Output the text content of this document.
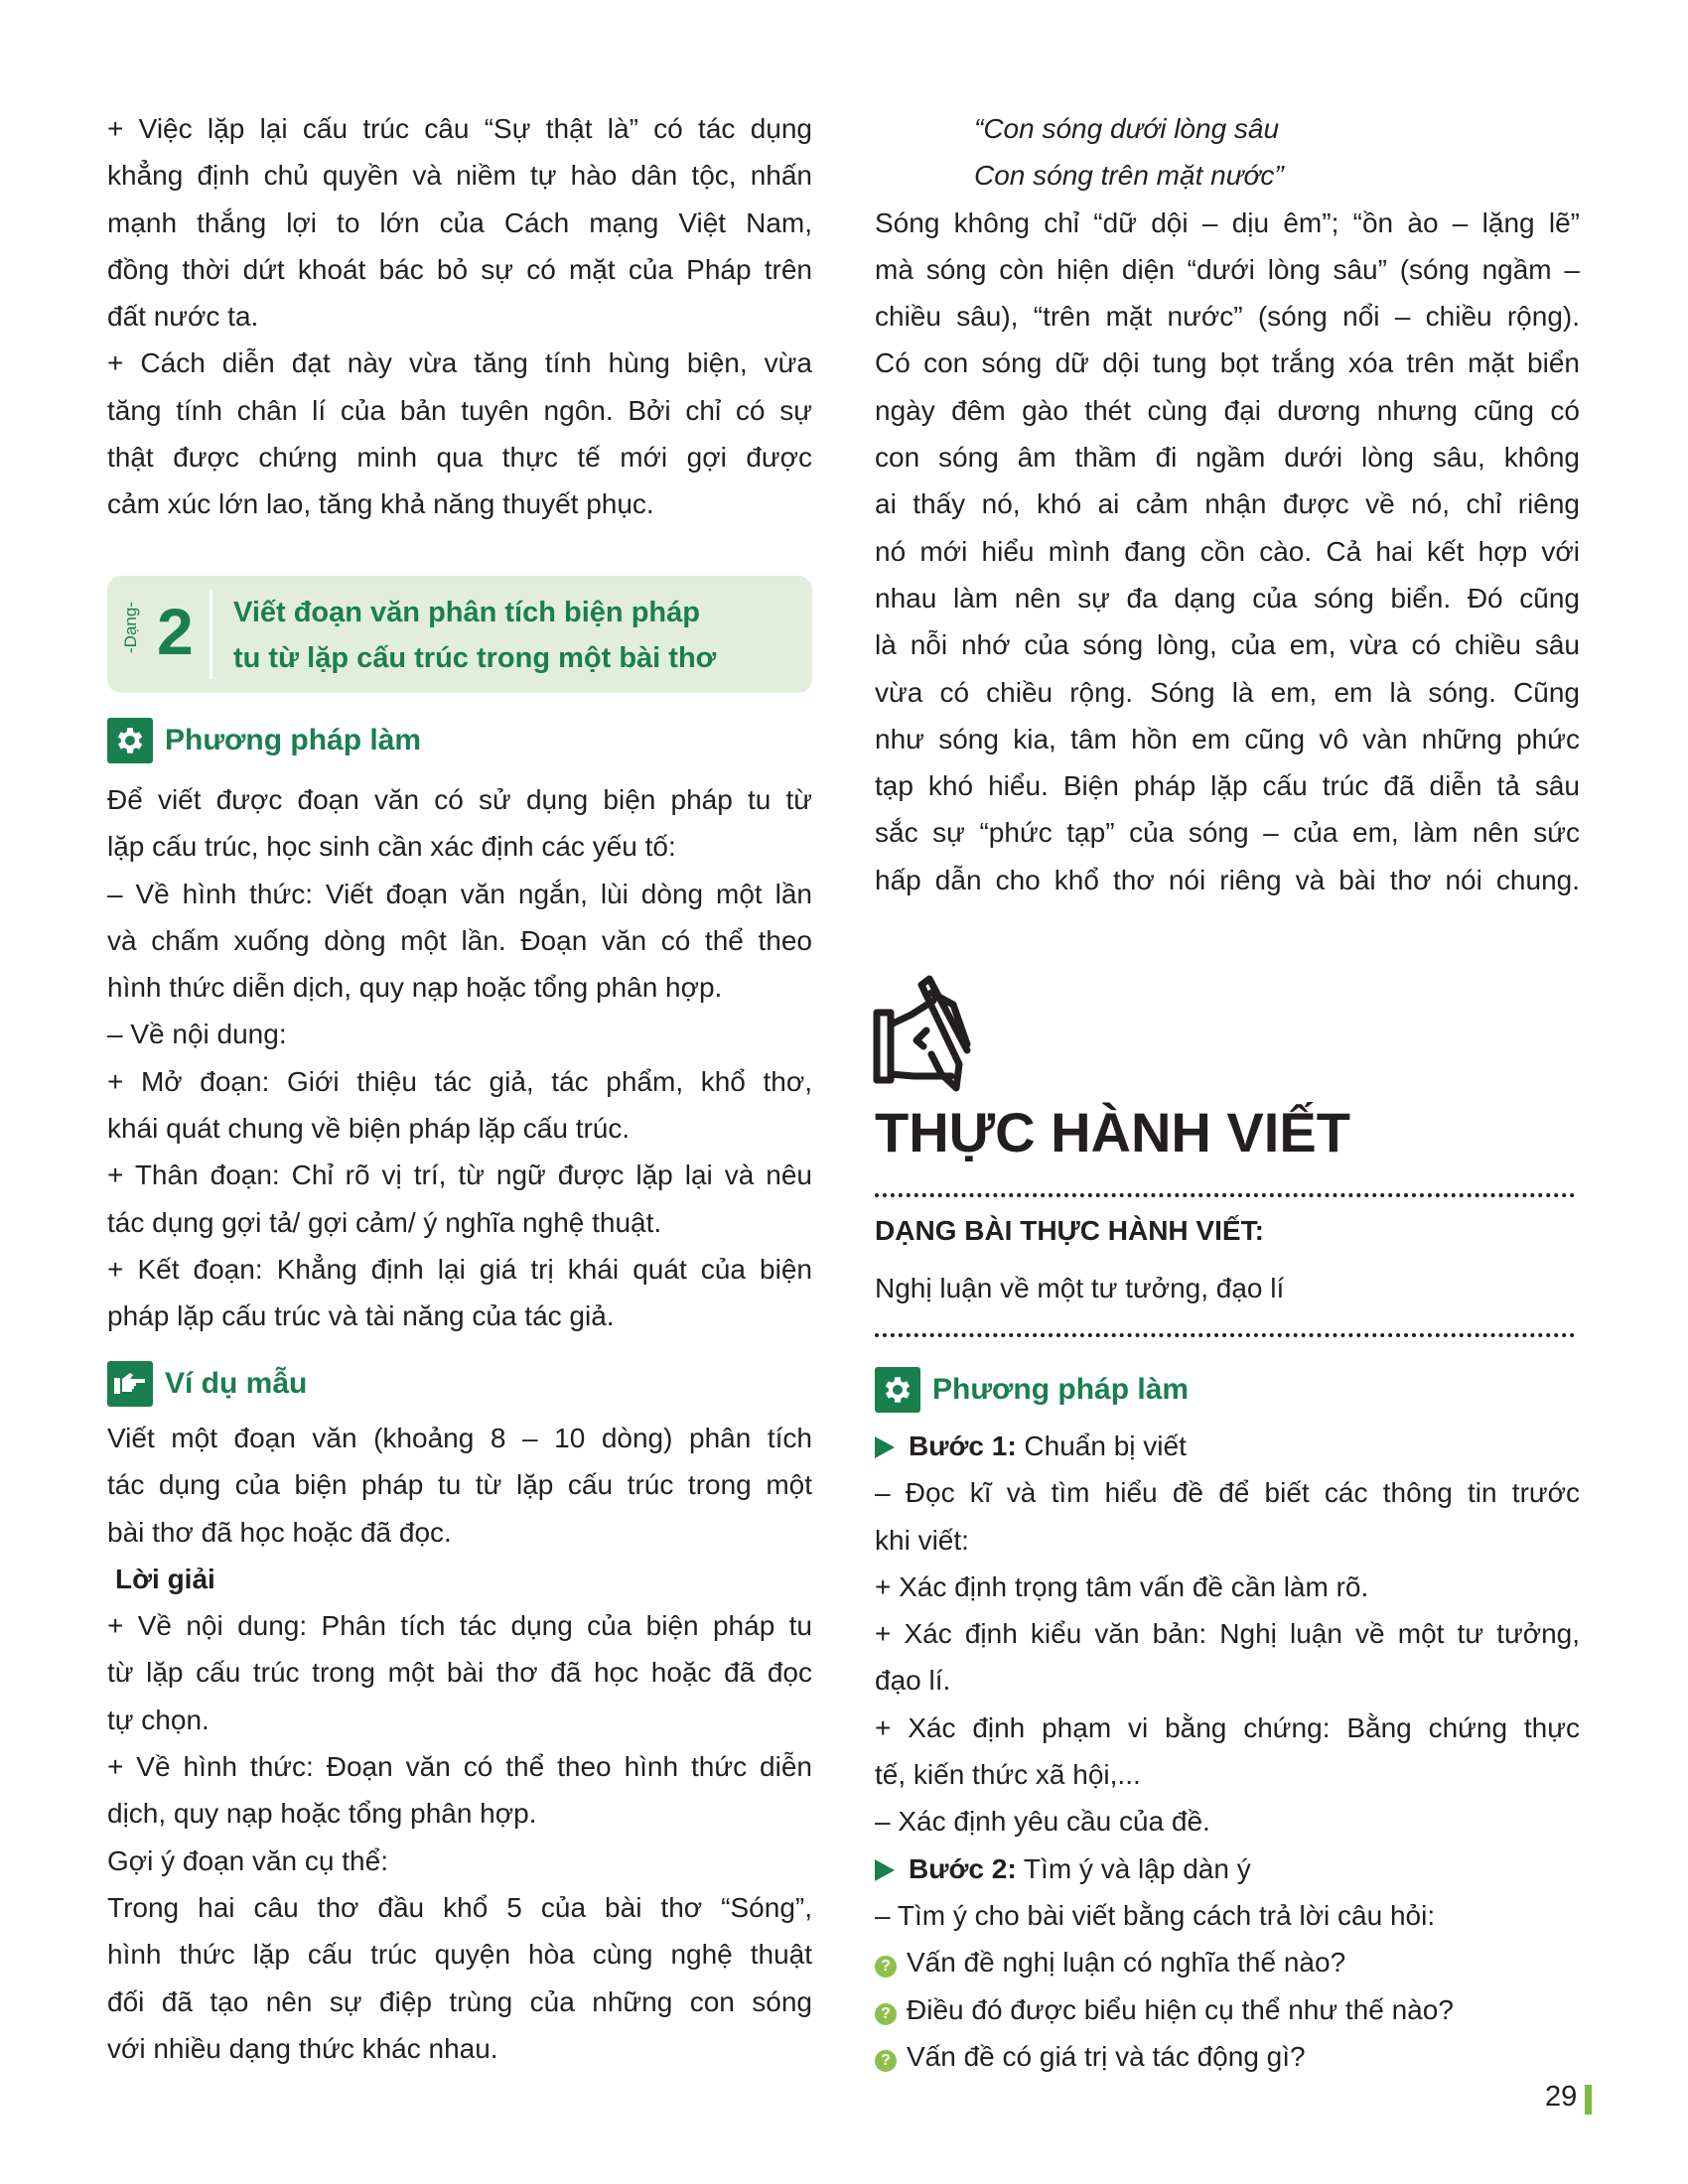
+ Việc lặp lại cấu trúc câu “Sự thật là” có tác dụng
khẳng định chủ quyền và niềm tự hào dân tộc, nhấn
mạnh thắng lợi to lớn của Cách mạng Việt Nam,
đồng thời dứt khoát bác bỏ sự có mặt của Pháp trên
đất nước ta.
+ Cách diễn đạt này vừa tăng tính hùng biện, vừa
tăng tính chân lí của bản tuyên ngôn. Bởi chỉ có sự
thật được chứng minh qua thực tế mới gợi được
cảm xúc lớn lao, tăng khả năng thuyết phục.
-Dạng- 2 Viết đoạn văn phân tích biện pháp
tu từ lặp cấu trúc trong một bài thơ
Phương pháp làm
Để viết được đoạn văn có sử dụng biện pháp tu từ
lặp cấu trúc, học sinh cần xác định các yếu tố:
– Về hình thức: Viết đoạn văn ngắn, lùi dòng một lần
và chấm xuống dòng một lần. Đoạn văn có thể theo
hình thức diễn dịch, quy nạp hoặc tổng phân hợp.
– Về nội dung:
+ Mở đoạn: Giới thiệu tác giả, tác phẩm, khổ thơ,
khái quát chung về biện pháp lặp cấu trúc.
+ Thân đoạn: Chỉ rõ vị trí, từ ngữ được lặp lại và nêu
tác dụng gợi tả/ gợi cảm/ ý nghĩa nghệ thuật.
+ Kết đoạn: Khẳng định lại giá trị khái quát của biện
pháp lặp cấu trúc và tài năng của tác giả.
Ví dụ mẫu
Viết một đoạn văn (khoảng 8 – 10 dòng) phân tích
tác dụng của biện pháp tu từ lặp cấu trúc trong một
bài thơ đã học hoặc đã đọc.
Lời giải
+ Về nội dung: Phân tích tác dụng của biện pháp tu
từ lặp cấu trúc trong một bài thơ đã học hoặc đã đọc
tự chọn.
+ Về hình thức: Đoạn văn có thể theo hình thức diễn
dịch, quy nạp hoặc tổng phân hợp.
Gợi ý đoạn văn cụ thể:
Trong hai câu thơ đầu khổ 5 của bài thơ “Sóng”,
hình thức lặp cấu trúc quyện hòa cùng nghệ thuật
đối đã tạo nên sự điệp trùng của những con sóng
với nhiều dạng thức khác nhau.
“Con sóng dưới lòng sâu
Con sóng trên mặt nước”
Sóng không chỉ “dữ dội – dịu êm”; “ồn ào – lặng lẽ”
mà sóng còn hiện diện “dưới lòng sâu” (sóng ngầm –
chiều sâu), “trên mặt nước” (sóng nổi – chiều rộng).
Có con sóng dữ dội tung bọt trắng xóa trên mặt biển
ngày đêm gào thét cùng đại dương nhưng cũng có
con sóng âm thầm đi ngầm dưới lòng sâu, không
ai thấy nó, khó ai cảm nhận được về nó, chỉ riêng
nó mới hiểu mình đang cồn cào. Cả hai kết hợp với
nhau làm nên sự đa dạng của sóng biển. Đó cũng
là nỗi nhớ của sóng lòng, của em, vừa có chiều sâu
vừa có chiều rộng. Sóng là em, em là sóng. Cũng
như sóng kia, tâm hồn em cũng vô vàn những phức
tạp khó hiểu. Biện pháp lặp cấu trúc đã diễn tả sâu
sắc sự “phức tạp” của sóng – của em, làm nên sức
hấp dẫn cho khổ thơ nói riêng và bài thơ nói chung.
THỰC HÀNH VIẾT
DẠNG BÀI THỰC HÀNH VIẾT:
Nghị luận về một tư tưởng, đạo lí
Phương pháp làm
Bước 1: Chuẩn bị viết
– Đọc kĩ và tìm hiểu đề để biết các thông tin trước
khi viết:
+ Xác định trọng tâm vấn đề cần làm rõ.
+ Xác định kiểu văn bản: Nghị luận về một tư tưởng,
đạo lí.
+ Xác định phạm vi bằng chứng: Bằng chứng thực
tế, kiến thức xã hội,...
– Xác định yêu cầu của đề.
Bước 2: Tìm ý và lập dàn ý
– Tìm ý cho bài viết bằng cách trả lời câu hỏi:
? Vấn đề nghị luận có nghĩa thế nào?
? Điều đó được biểu hiện cụ thể như thế nào?
? Vấn đề có giá trị và tác động gì?
29
